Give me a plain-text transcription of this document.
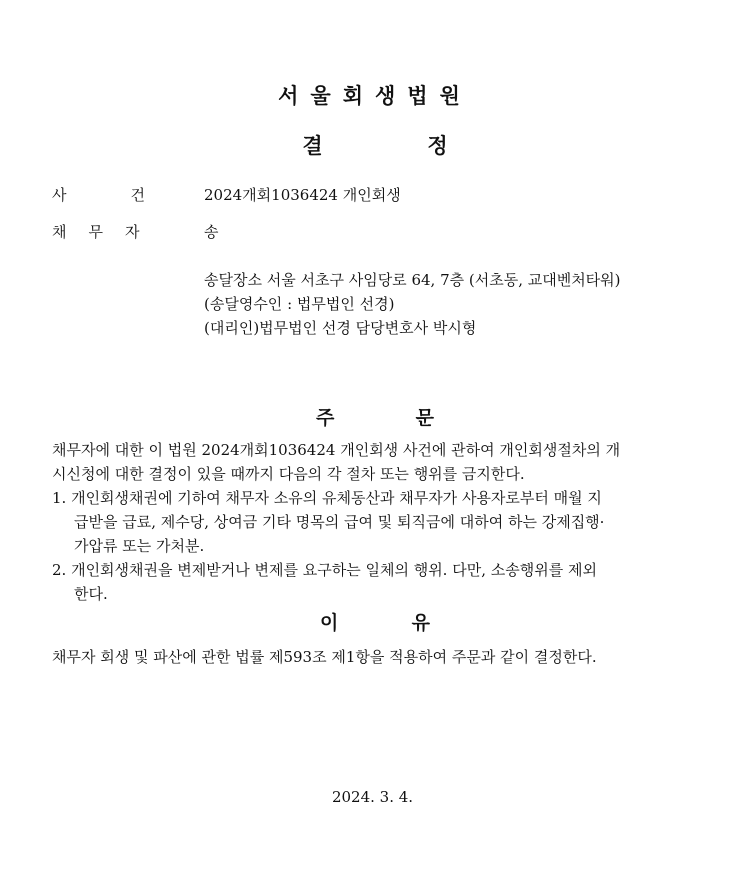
서울회생법원
결	정
사	건	2024개회1036424 개인회생
채 무 자	송
송달장소 서울 서초구 사임당로 64, 7층 (서초동, 교대벤처타워)
(송달영수인 : 법무법인 선경)
(대리인)법무법인 선경 담당변호사 박시형
주	문
채무자에 대한 이 법원 2024개회1036424 개인회생 사건에 관하여 개인회생절차의 개
시신청에 대한 결정이 있을 때까지 다음의 각 절차 또는 행위를 금지한다.
1. 개인회생채권에 기하여 채무자 소유의 유체동산과 채무자가 사용자로부터 매월 지
급받을 급료, 제수당, 상여금 기타 명목의 급여 및 퇴직금에 대하여 하는 강제집행·
가압류 또는 가처분.
2. 개인회생채권을 변제받거나 변제를 요구하는 일체의 행위. 다만, 소송행위를 제외
한다.
이	유
채무자 회생 및 파산에 관한 법률 제593조 제1항을 적용하여 주문과 같이 결정한다.
2024. 3. 4.
